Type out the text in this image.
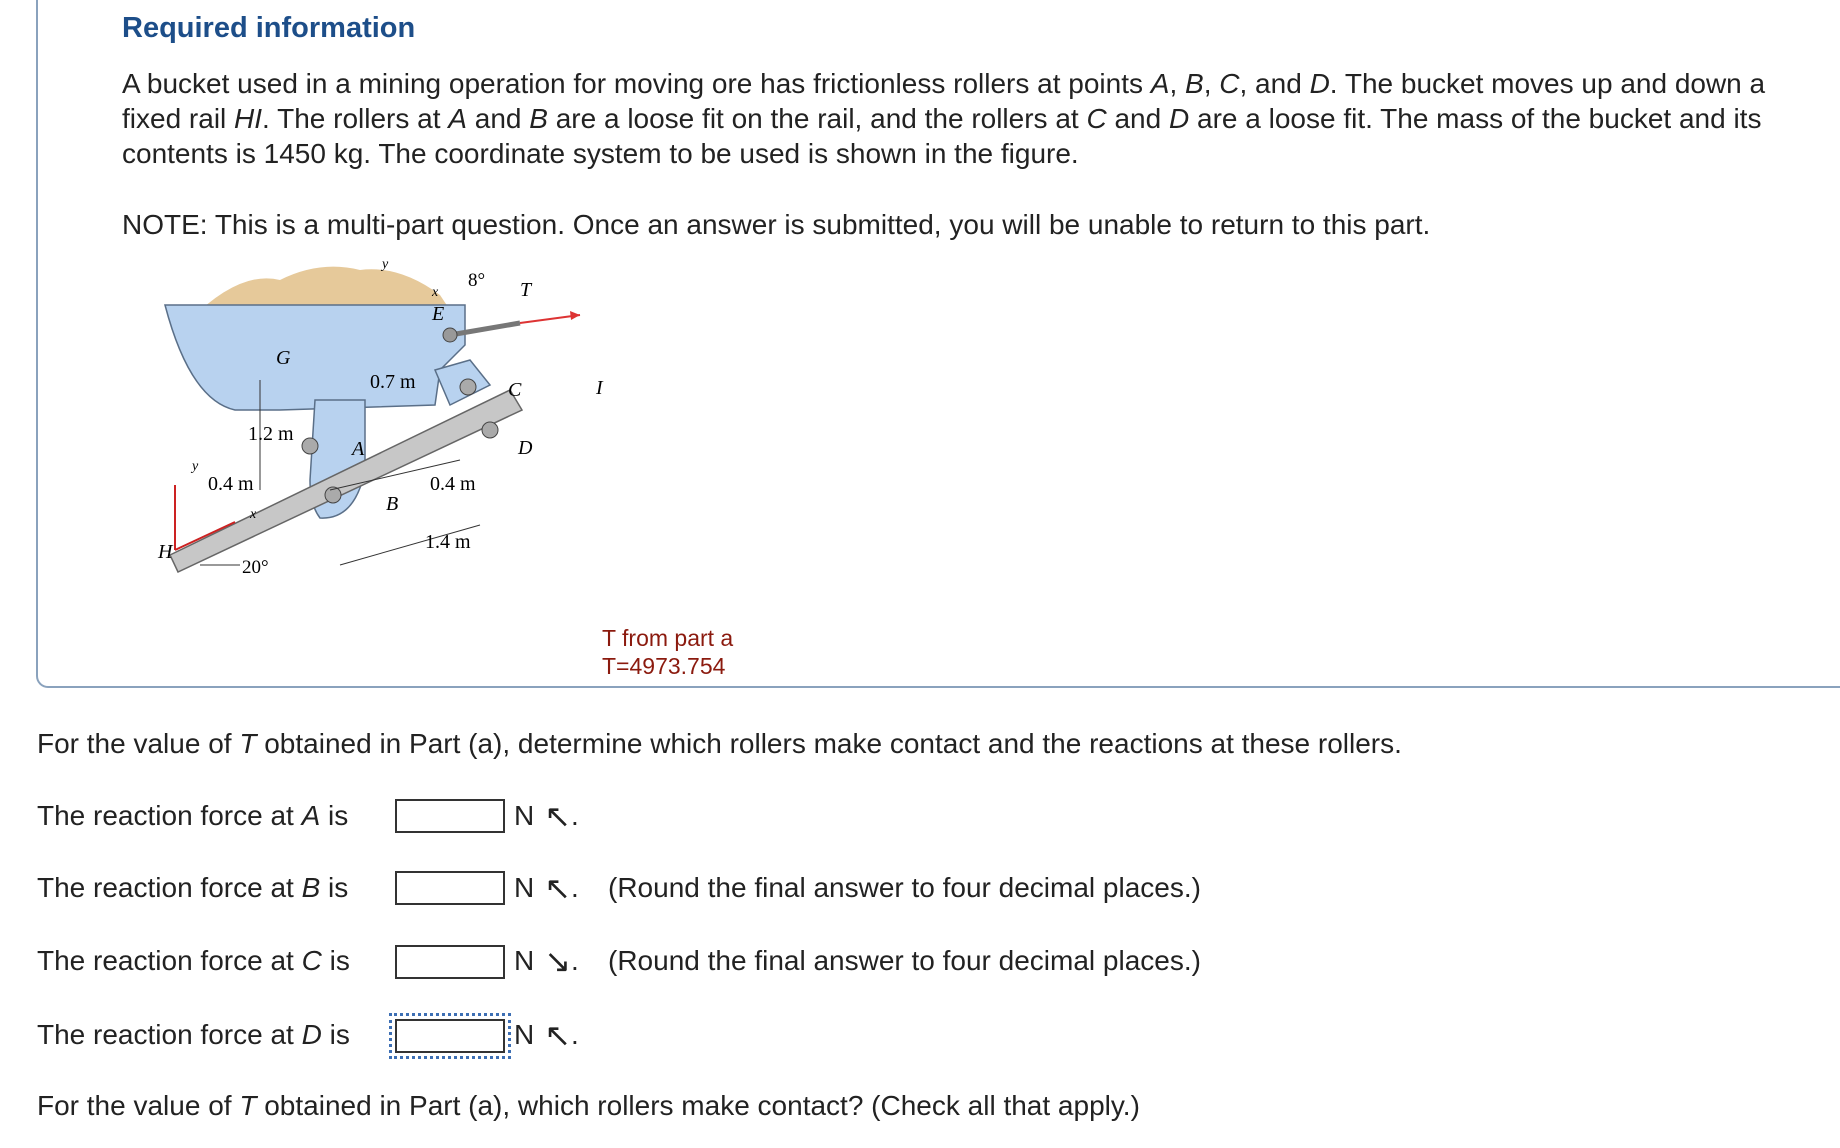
Required information

A bucket used in a mining operation for moving ore has frictionless rollers at points A, B, C, and D. The bucket moves up and down a fixed rail HI. The rollers at A and B are a loose fit on the rail, and the rollers at C and D are a loose fit. The mass of the bucket and its contents is 1450 kg. The coordinate system to be used is shown in the figure.

NOTE: This is a multi-part question. Once an answer is submitted, you will be unable to return to this part.

y
x
8° T
E
G
0.7 m	C	I
1.2 m
A	D
y
0.4 m	0.4 m
B
x
1.4 m
H
20°
T from part a
T=4973.754

For the value of T obtained in Part (a), determine which rollers make contact and the reactions at these rollers.

The reaction force at A is	N ↖ .
The reaction force at B is	N ↖ . (Round the final answer to four decimal places.)
The reaction force at C is	N ↘ . (Round the final answer to four decimal places.)
The reaction force at D is	N ↖ .

For the value of T obtained in Part (a), which rollers make contact? (Check all that apply.)
